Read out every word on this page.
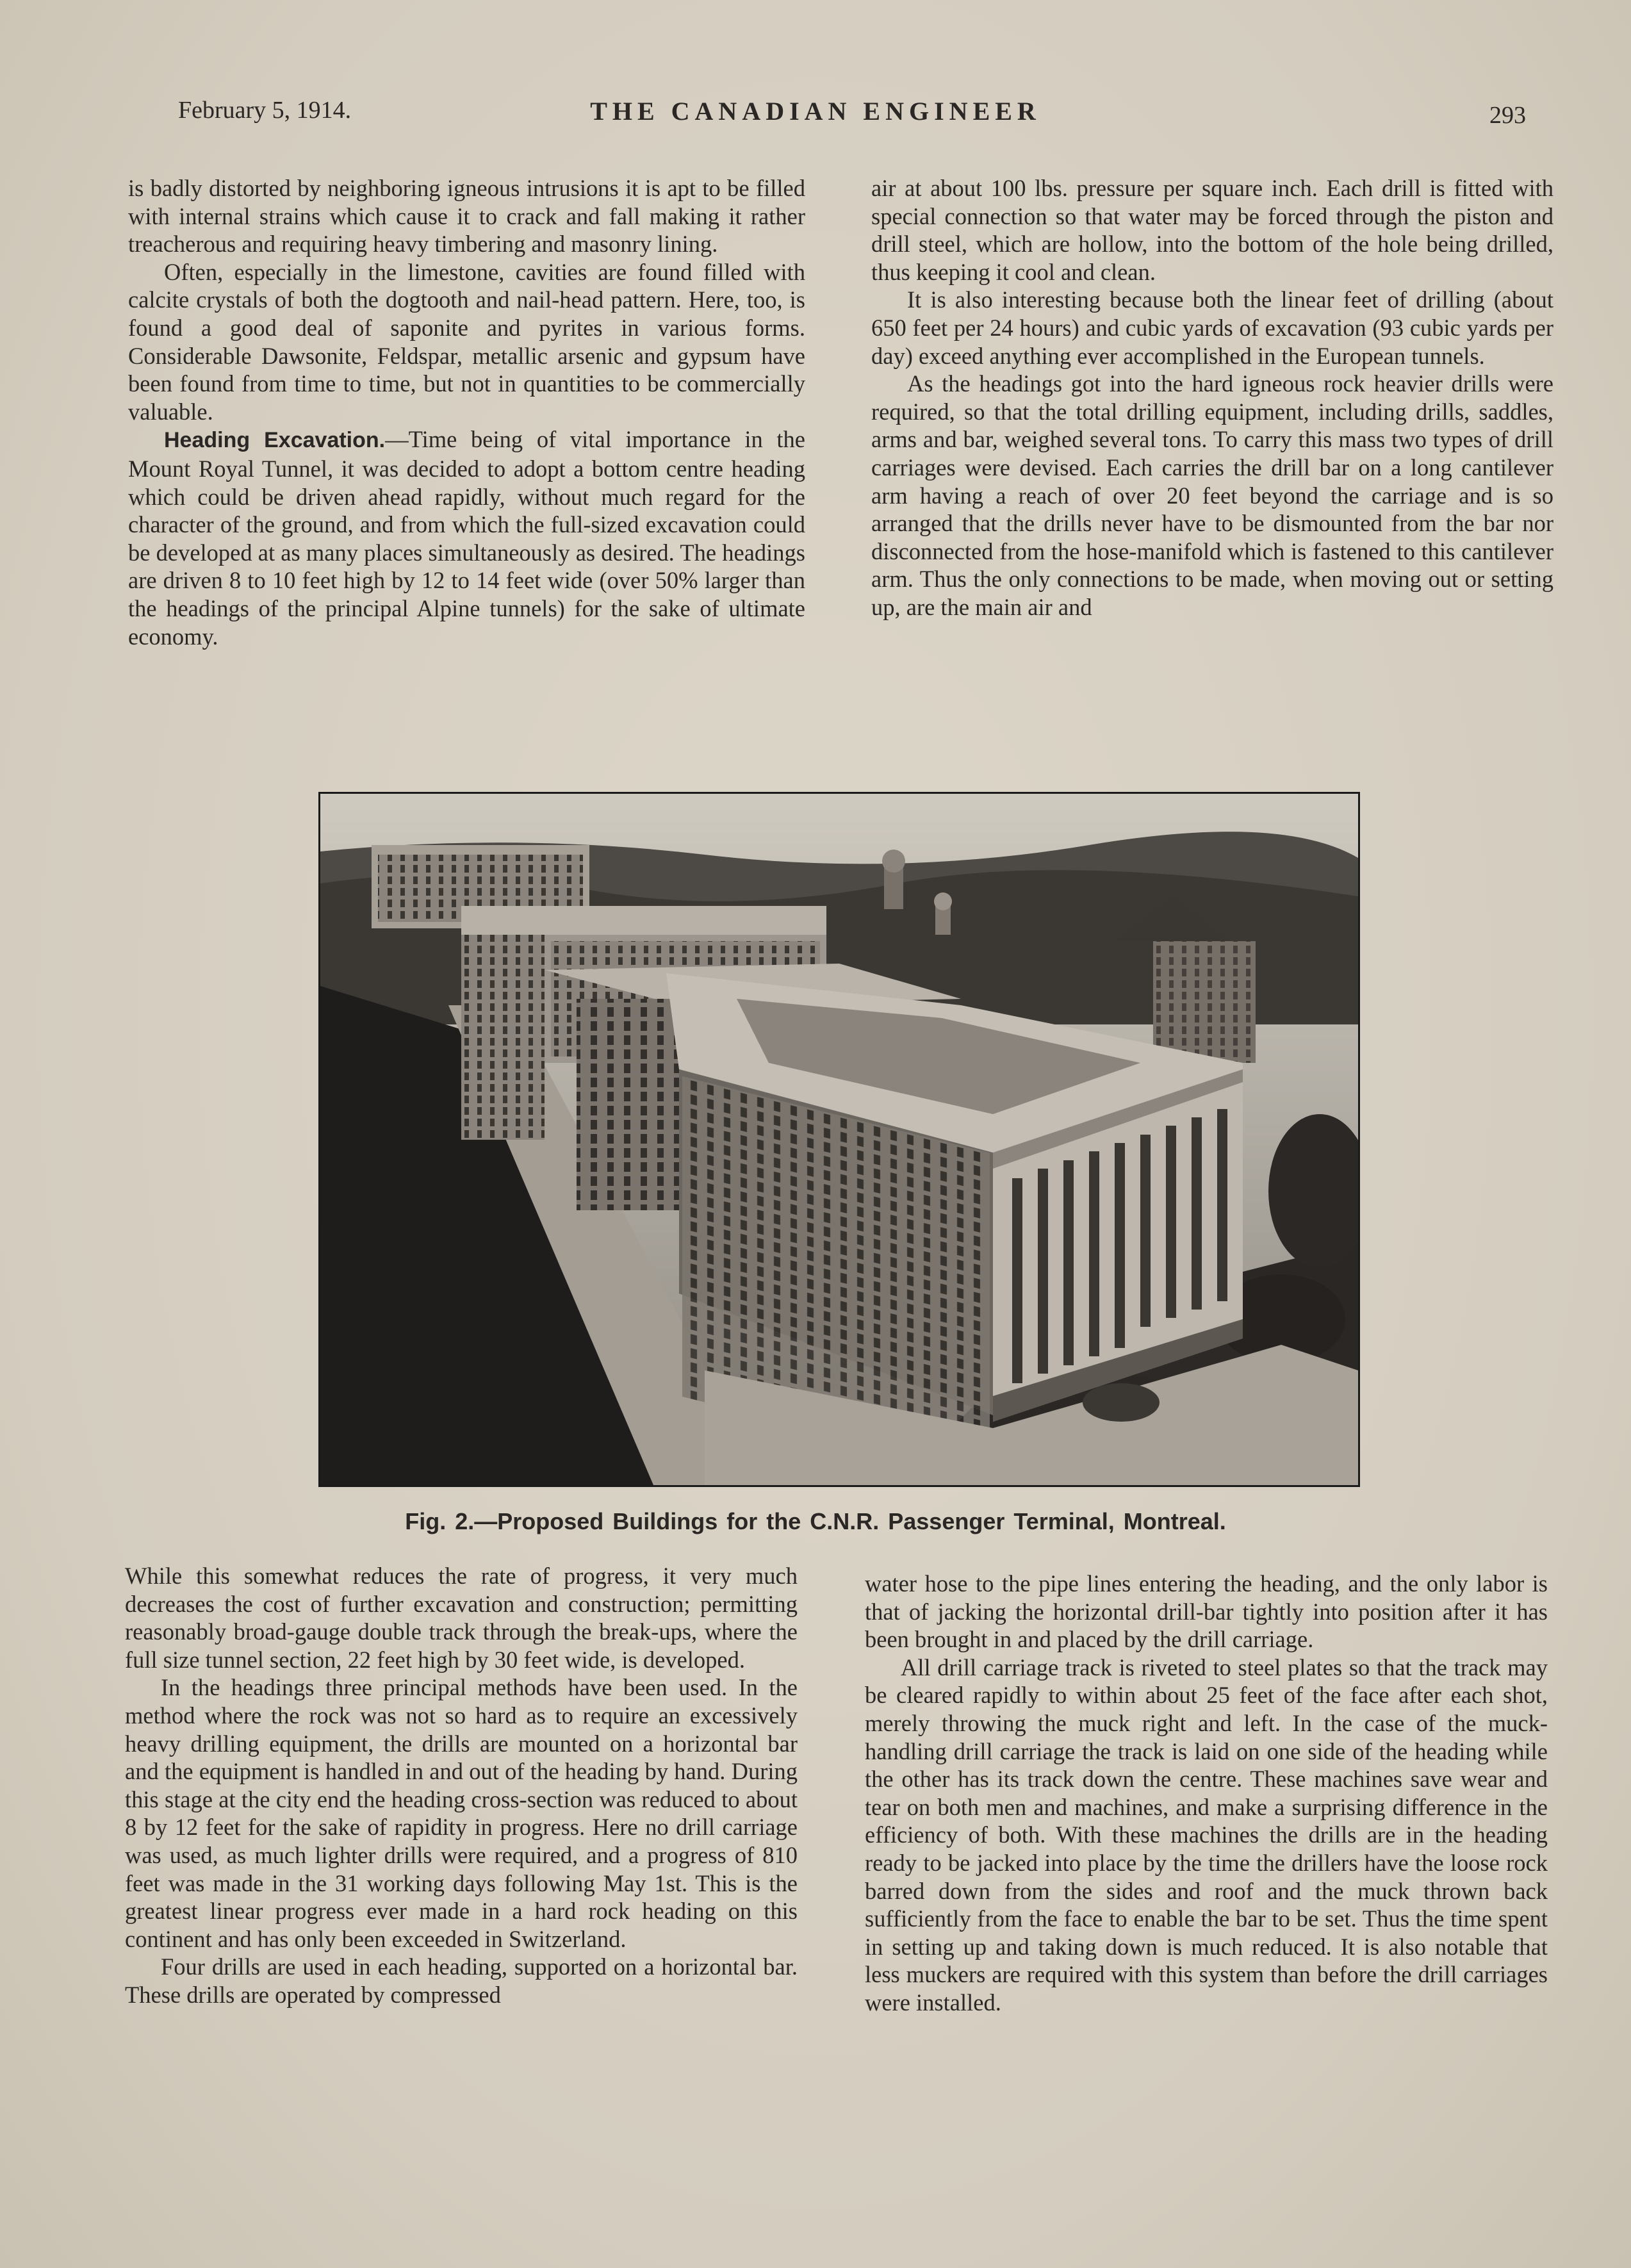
February 5, 1914.	THE CANADIAN ENGINEER	293

is badly distorted by neighboring igneous intrusions it is apt to be filled with internal strains which cause it to crack and fall making it rather treacherous and requiring heavy timbering and masonry lining.

Often, especially in the limestone, cavities are found filled with calcite crystals of both the dogtooth and nail-head pattern. Here, too, is found a good deal of saponite and pyrites in various forms. Considerable Dawsonite, Feldspar, metallic arsenic and gypsum have been found from time to time, but not in quantities to be commercially valuable.

Heading Excavation.—Time being of vital importance in the Mount Royal Tunnel, it was decided to adopt a bottom centre heading which could be driven ahead rapidly, without much regard for the character of the ground, and from which the full-sized excavation could be developed at as many places simultaneously as desired. The headings are driven 8 to 10 feet high by 12 to 14 feet wide (over 50% larger than the headings of the principal Alpine tunnels) for the sake of ultimate economy.

air at about 100 lbs. pressure per square inch. Each drill is fitted with special connection so that water may be forced through the piston and drill steel, which are hollow, into the bottom of the hole being drilled, thus keeping it cool and clean.

It is also interesting because both the linear feet of drilling (about 650 feet per 24 hours) and cubic yards of excavation (93 cubic yards per day) exceed anything ever accomplished in the European tunnels.

As the headings got into the hard igneous rock heavier drills were required, so that the total drilling equipment, including drills, saddles, arms and bar, weighed several tons. To carry this mass two types of drill carriages were devised. Each carries the drill bar on a long cantilever arm having a reach of over 20 feet beyond the carriage and is so arranged that the drills never have to be dismounted from the bar nor disconnected from the hose-manifold which is fastened to this cantilever arm. Thus the only connections to be made, when moving out or setting up, are the main air and

Fig. 2.—Proposed Buildings for the C.N.R. Passenger Terminal, Montreal.

While this somewhat reduces the rate of progress, it very much decreases the cost of further excavation and construction; permitting reasonably broad-gauge double track through the break-ups, where the full size tunnel section, 22 feet high by 30 feet wide, is developed.

In the headings three principal methods have been used. In the method where the rock was not so hard as to require an excessively heavy drilling equipment, the drills are mounted on a horizontal bar and the equipment is handled in and out of the heading by hand. During this stage at the city end the heading cross-section was reduced to about 8 by 12 feet for the sake of rapidity in progress. Here no drill carriage was used, as much lighter drills were required, and a progress of 810 feet was made in the 31 working days following May 1st. This is the greatest linear progress ever made in a hard rock heading on this continent and has only been exceeded in Switzerland.

Four drills are used in each heading, supported on a horizontal bar. These drills are operated by compressed

water hose to the pipe lines entering the heading, and the only labor is that of jacking the horizontal drill-bar tightly into position after it has been brought in and placed by the drill carriage.

All drill carriage track is riveted to steel plates so that the track may be cleared rapidly to within about 25 feet of the face after each shot, merely throwing the muck right and left. In the case of the muck-handling drill carriage the track is laid on one side of the heading while the other has its track down the centre. These machines save wear and tear on both men and machines, and make a surprising difference in the efficiency of both. With these machines the drills are in the heading ready to be jacked into place by the time the drillers have the loose rock barred down from the sides and roof and the muck thrown back sufficiently from the face to enable the bar to be set. Thus the time spent in setting up and taking down is much reduced. It is also notable that less muckers are required with this system than before the drill carriages were installed.
